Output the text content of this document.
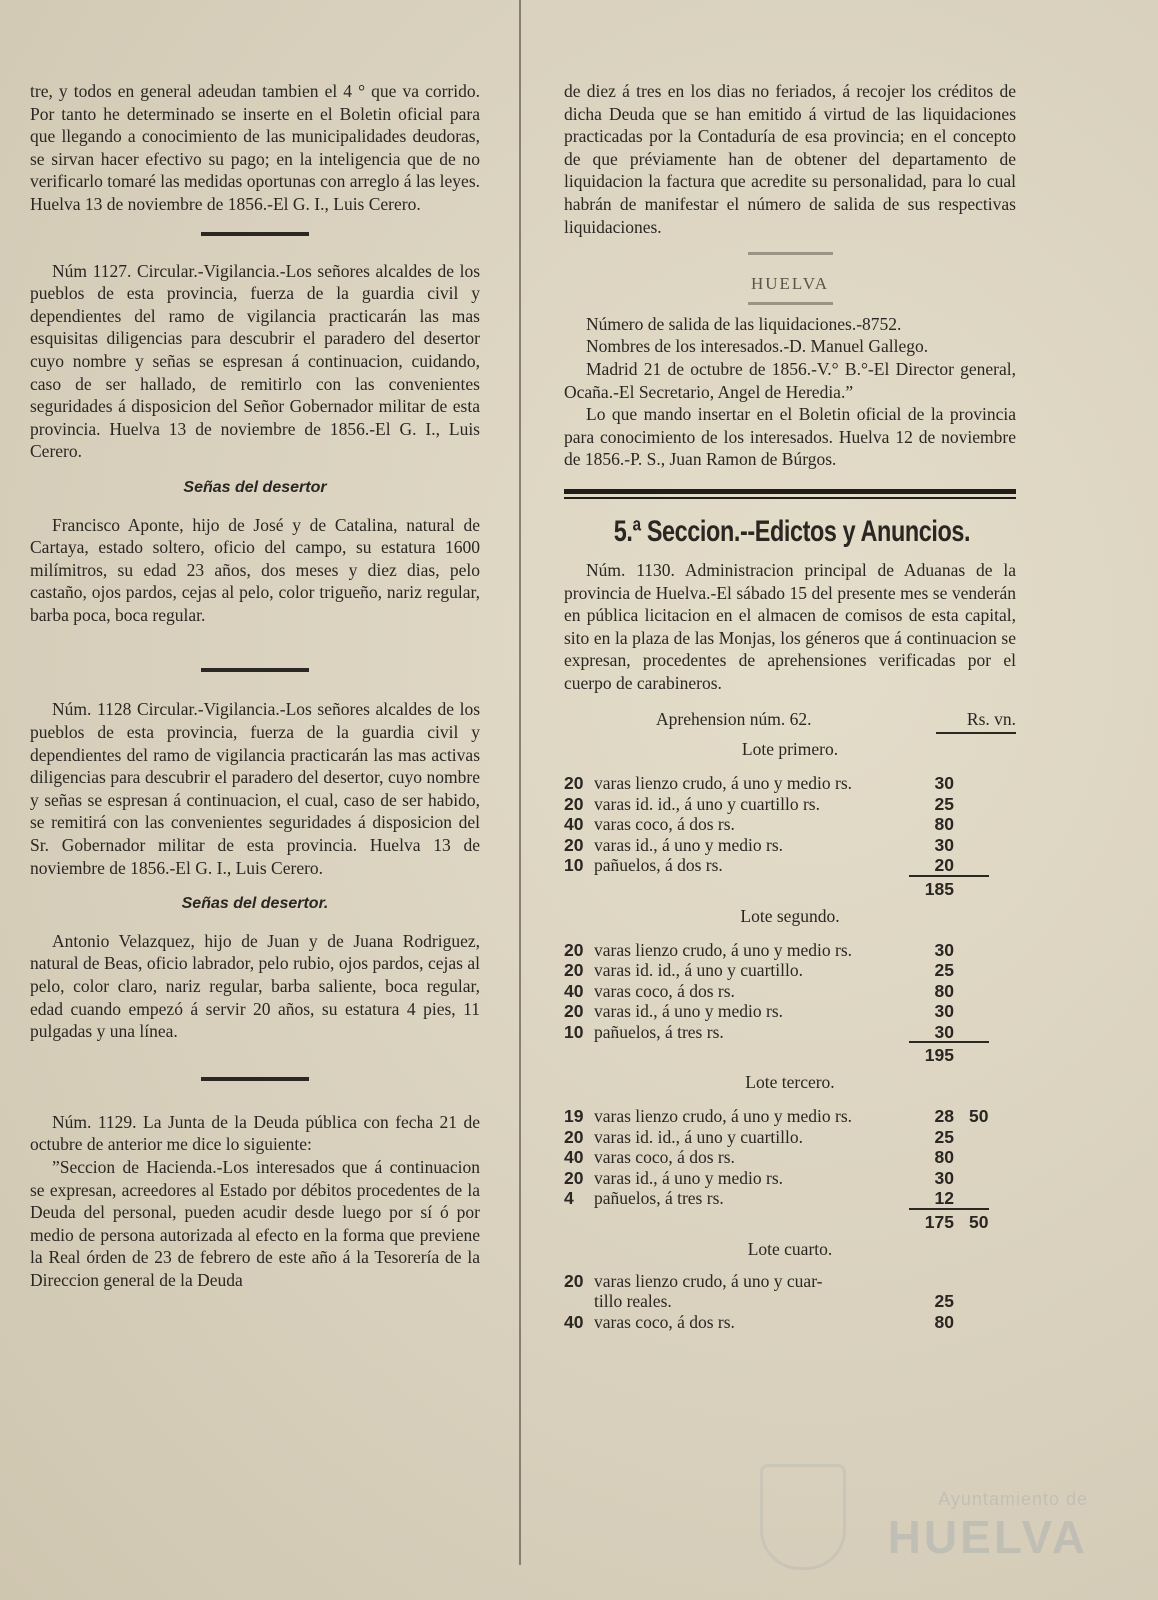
tre, y todos en general adeudan tambien el 4 ° que va corrido. Por tanto he determinado se inserte en el Boletin oficial para que llegando a conocimiento de las municipalidades deudoras, se sirvan hacer efectivo su pago; en la inteligencia que de no verificarlo tomaré las medidas oportunas con arreglo á las leyes. Huelva 13 de noviembre de 1856.-El G. I., Luis Cerero.

Núm 1127. Circular.-Vigilancia.-Los señores alcaldes de los pueblos de esta provincia, fuerza de la guardia civil y dependientes del ramo de vigilancia practicarán las mas esquisitas diligencias para descubrir el paradero del desertor cuyo nombre y señas se espresan á continuacion, cuidando, caso de ser hallado, de remitirlo con las convenientes seguridades á disposicion del Señor Gobernador militar de esta provincia. Huelva 13 de noviembre de 1856.-El G. I., Luis Cerero.

Señas del desertor

Francisco Aponte, hijo de José y de Catalina, natural de Cartaya, estado soltero, oficio del campo, su estatura 1600 milímitros, su edad 23 años, dos meses y diez dias, pelo castaño, ojos pardos, cejas al pelo, color trigueño, nariz regular, barba poca, boca regular.

Núm. 1128 Circular.-Vigilancia.-Los señores alcaldes de los pueblos de esta provincia, fuerza de la guardia civil y dependientes del ramo de vigilancia practicarán las mas activas diligencias para descubrir el paradero del desertor, cuyo nombre y señas se espresan á continuacion, el cual, caso de ser habido, se remitirá con las convenientes seguridades á disposicion del Sr. Gobernador militar de esta provincia. Huelva 13 de noviembre de 1856.-El G. I., Luis Cerero.

Señas del desertor.

Antonio Velazquez, hijo de Juan y de Juana Rodriguez, natural de Beas, oficio labrador, pelo rubio, ojos pardos, cejas al pelo, color claro, nariz regular, barba saliente, boca regular, edad cuando empezó á servir 20 años, su estatura 4 pies, 11 pulgadas y una línea.

Núm. 1129. La Junta de la Deuda pública con fecha 21 de octubre de anterior me dice lo siguiente:

”Seccion de Hacienda.-Los interesados que á continuacion se expresan, acreedores al Estado por débitos procedentes de la Deuda del personal, pueden acudir desde luego por sí ó por medio de persona autorizada al efecto en la forma que previene la Real órden de 23 de febrero de este año á la Tesorería de la Direccion general de la Deuda

de diez á tres en los dias no feriados, á recojer los créditos de dicha Deuda que se han emitido á virtud de las liquidaciones practicadas por la Contaduría de esa provincia; en el concepto de que préviamente han de obtener del departamento de liquidacion la factura que acredite su personalidad, para lo cual habrán de manifestar el número de salida de sus respectivas liquidaciones.

HUELVA

Número de salida de las liquidaciones.-8752.

Nombres de los interesados.-D. Manuel Gallego.

Madrid 21 de octubre de 1856.-V.° B.°-El Director general, Ocaña.-El Secretario, Angel de Heredia.”

Lo que mando insertar en el Boletin oficial de la provincia para conocimiento de los interesados. Huelva 12 de noviembre de 1856.-P. S., Juan Ramon de Búrgos.

5.ª Seccion.--Edictos y Anuncios.

Núm. 1130. Administracion principal de Aduanas de la provincia de Huelva.-El sábado 15 del presente mes se venderán en pública licitacion en el almacen de comisos de esta capital, sito en la plaza de las Monjas, los géneros que á continuacion se expresan, procedentes de aprehensiones verificadas por el cuerpo de carabineros.

Aprehension núm. 62.	Rs. vn.
Lote primero.
20 varas lienzo crudo, á uno y medio rs.	30
20 varas id. id., á uno y cuartillo rs.	25
40 varas coco, á dos rs.	80
20 varas id., á uno y medio rs.	30
10 pañuelos, á dos rs.	20
185
Lote segundo.
20 varas lienzo crudo, á uno y medio rs.	30
20 varas id. id., á uno y cuartillo.	25
40 varas coco, á dos rs.	80
20 varas id., á uno y medio rs.	30
10 pañuelos, á tres rs.	30
195
Lote tercero.
19 varas lienzo crudo, á uno y medio rs.	28 50
20 varas id. id., á uno y cuartillo.	25
40 varas coco, á dos rs.	80
20 varas id., á uno y medio rs.	30
4	pañuelos, á tres rs.	12
175 50
Lote cuarto.
20 varas lienzo crudo, á uno y cuar-
tillo reales.	25
40 varas coco, á dos rs.	80
Ayuntamiento de
HUELVA
